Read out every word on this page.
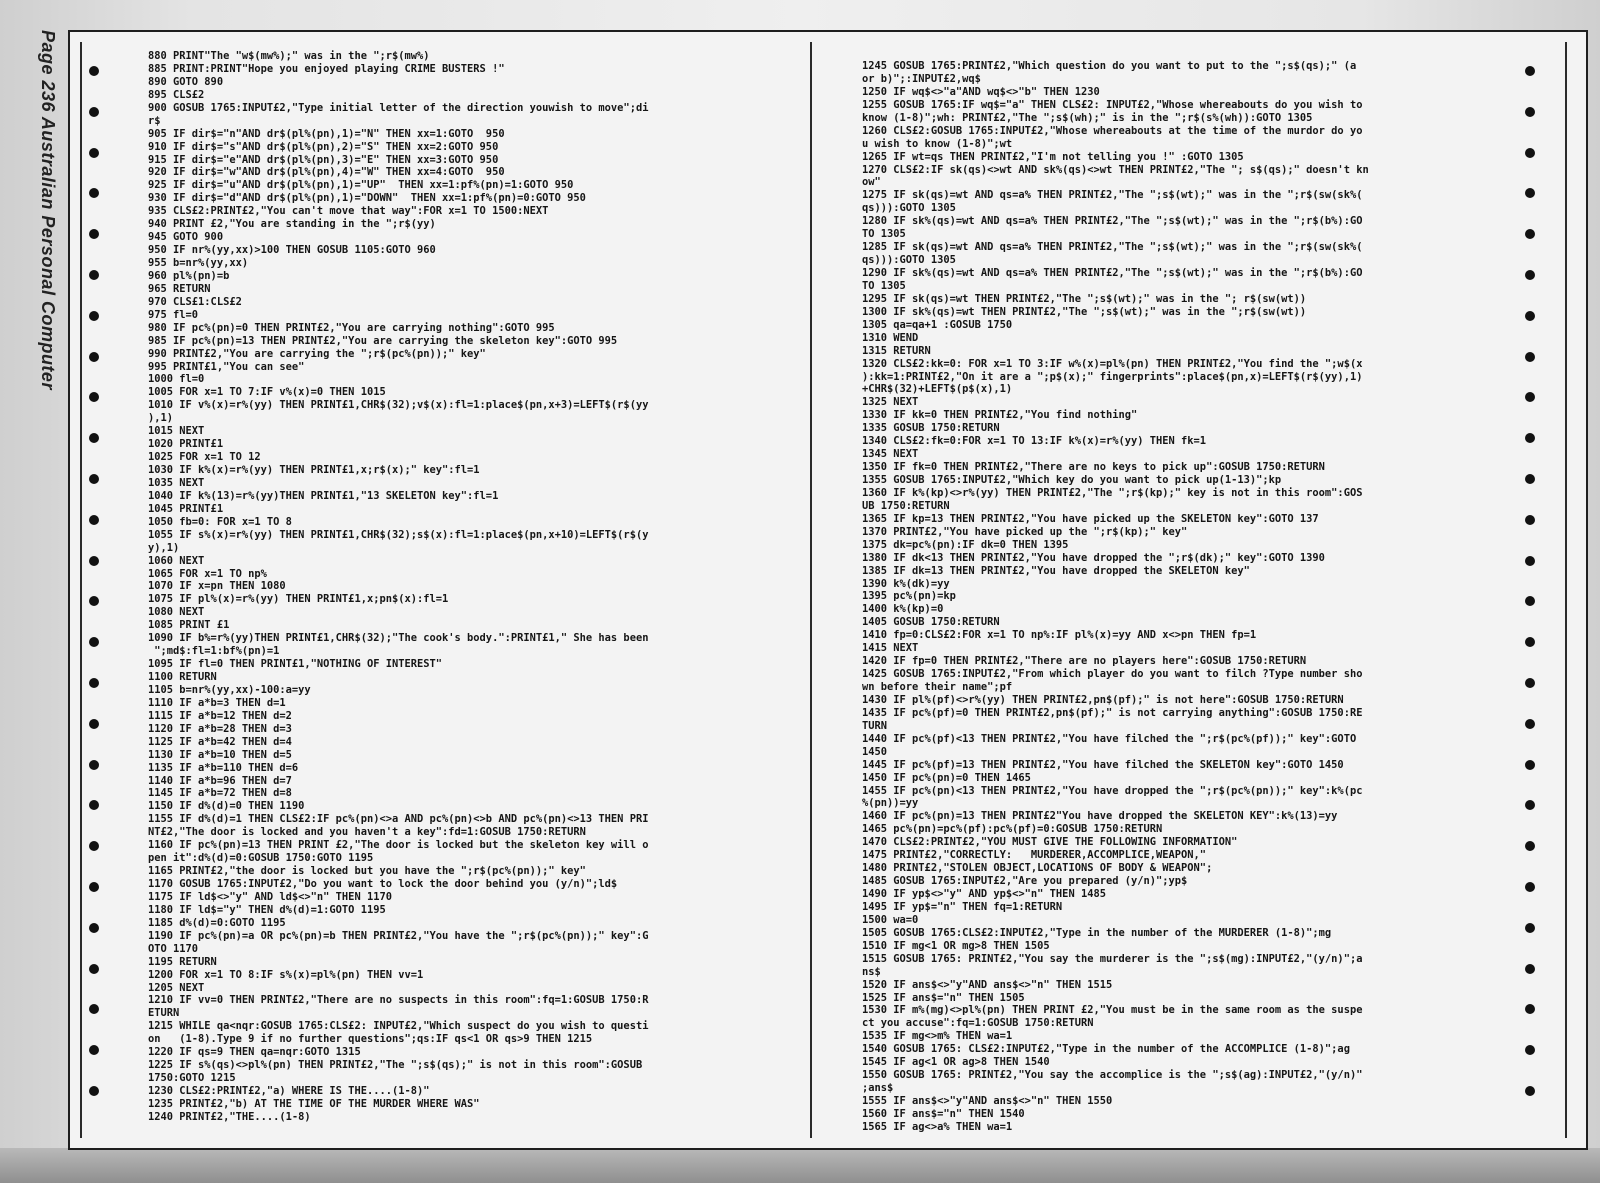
Page 236 Australian Personal Computer	880 PRINT"The "w$(mw%);" was in the ";r$(mw%)
885 PRINT:PRINT"Hope you enjoyed playing CRIME BUSTERS !"
890 GOTO 890
895 CLS£2
900 GOSUB 1765:INPUT£2,"Type initial letter of the direction youwish to move";di
r$
905 IF dir$="n"AND dr$(pl%(pn),1)="N" THEN xx=1:GOTO  950
910 IF dir$="s"AND dr$(pl%(pn),2)="S" THEN xx=2:GOTO 950
915 IF dir$="e"AND dr$(pl%(pn),3)="E" THEN xx=3:GOTO 950
920 IF dir$="w"AND dr$(pl%(pn),4)="W" THEN xx=4:GOTO  950
925 IF dir$="u"AND dr$(pl%(pn),1)="UP"  THEN xx=1:pf%(pn)=1:GOTO 950
930 IF dir$="d"AND dr$(pl%(pn),1)="DOWN"  THEN xx=1:pf%(pn)=0:GOTO 950
935 CLS£2:PRINT£2,"You can't move that way":FOR x=1 TO 1500:NEXT
940 PRINT £2,"You are standing in the ";r$(yy)
945 GOTO 900
950 IF nr%(yy,xx)>100 THEN GOSUB 1105:GOTO 960
955 b=nr%(yy,xx)
960 pl%(pn)=b
965 RETURN
970 CLS£1:CLS£2
975 fl=0
980 IF pc%(pn)=0 THEN PRINT£2,"You are carrying nothing":GOTO 995
985 IF pc%(pn)=13 THEN PRINT£2,"You are carrying the skeleton key":GOTO 995
990 PRINT£2,"You are carrying the ";r$(pc%(pn));" key"
995 PRINT£1,"You can see"
1000 fl=0
1005 FOR x=1 TO 7:IF v%(x)=0 THEN 1015
1010 IF v%(x)=r%(yy) THEN PRINT£1,CHR$(32);v$(x):fl=1:place$(pn,x+3)=LEFT$(r$(yy
),1)
1015 NEXT
1020 PRINT£1
1025 FOR x=1 TO 12
1030 IF k%(x)=r%(yy) THEN PRINT£1,x;r$(x);" key":fl=1
1035 NEXT
1040 IF k%(13)=r%(yy)THEN PRINT£1,"13 SKELETON key":fl=1
1045 PRINT£1
1050 fb=0: FOR x=1 TO 8
1055 IF s%(x)=r%(yy) THEN PRINT£1,CHR$(32);s$(x):fl=1:place$(pn,x+10)=LEFT$(r$(y
y),1)
1060 NEXT
1065 FOR x=1 TO np%
1070 IF x=pn THEN 1080
1075 IF pl%(x)=r%(yy) THEN PRINT£1,x;pn$(x):fl=1
1080 NEXT
1085 PRINT £1
1090 IF b%=r%(yy)THEN PRINT£1,CHR$(32);"The cook's body.":PRINT£1," She has been
";md$:fl=1:bf%(pn)=1
1095 IF fl=0 THEN PRINT£1,"NOTHING OF INTEREST"
1100 RETURN
1105 b=nr%(yy,xx)-100:a=yy
1110 IF a*b=3 THEN d=1
1115 IF a*b=12 THEN d=2
1120 IF a*b=28 THEN d=3
1125 IF a*b=42 THEN d=4
1130 IF a*b=10 THEN d=5
1135 IF a*b=110 THEN d=6
1140 IF a*b=96 THEN d=7
1145 IF a*b=72 THEN d=8
1150 IF d%(d)=0 THEN 1190
1155 IF d%(d)=1 THEN CLS£2:IF pc%(pn)<>a AND pc%(pn)<>b AND pc%(pn)<>13 THEN PRI
NT£2,"The door is locked and you haven't a key":fd=1:GOSUB 1750:RETURN
1160 IF pc%(pn)=13 THEN PRINT £2,"The door is locked but the skeleton key will o
pen it":d%(d)=0:GOSUB 1750:GOTO 1195
1165 PRINT£2,"the door is locked but you have the ";r$(pc%(pn));" key"
1170 GOSUB 1765:INPUT£2,"Do you want to lock the door behind you (y/n)";ld$
1175 IF ld$<>"y" AND ld$<>"n" THEN 1170
1180 IF ld$="y" THEN d%(d)=1:GOTO 1195
1185 d%(d)=0:GOTO 1195
1190 IF pc%(pn)=a OR pc%(pn)=b THEN PRINT£2,"You have the ";r$(pc%(pn));" key":G
OTO 1170
1195 RETURN
1200 FOR x=1 TO 8:IF s%(x)=pl%(pn) THEN vv=1
1205 NEXT
1210 IF vv=0 THEN PRINT£2,"There are no suspects in this room":fq=1:GOSUB 1750:R
ETURN
1215 WHILE qa<nqr:GOSUB 1765:CLS£2: INPUT£2,"Which suspect do you wish to questi
on   (1-8).Type 9 if no further questions";qs:IF qs<1 OR qs>9 THEN 1215
1220 IF qs=9 THEN qa=nqr:GOTO 1315
1225 IF s%(qs)<>pl%(pn) THEN PRINT£2,"The ";s$(qs);" is not in this room":GOSUB
1750:GOTO 1215
1230 CLS£2:PRINT£2,"a) WHERE IS THE....(1-8)"
1235 PRINT£2,"b) AT THE TIME OF THE MURDER WHERE WAS"
1240 PRINT£2,"THE....(1-8)
1245 GOSUB 1765:PRINT£2,"Which question do you want to put to the ";s$(qs);" (a
or b)";:INPUT£2,wq$
1250 IF wq$<>"a"AND wq$<>"b" THEN 1230
1255 GOSUB 1765:IF wq$="a" THEN CLS£2: INPUT£2,"Whose whereabouts do you wish to
know (1-8)";wh: PRINT£2,"The ";s$(wh);" is in the ";r$(s%(wh)):GOTO 1305
1260 CLS£2:GOSUB 1765:INPUT£2,"Whose whereabouts at the time of the murdor do yo
u wish to know (1-8)";wt
1265 IF wt=qs THEN PRINT£2,"I'm not telling you !" :GOTO 1305
1270 CLS£2:IF sk(qs)<>wt AND sk%(qs)<>wt THEN PRINT£2,"The "; s$(qs);" doesn't kn
ow"
1275 IF sk(qs)=wt AND qs=a% THEN PRINT£2,"The ";s$(wt);" was in the ";r$(sw(sk%(
qs))):GOTO 1305
1280 IF sk%(qs)=wt AND qs=a% THEN PRINT£2,"The ";s$(wt);" was in the ";r$(b%):GO
TO 1305
1285 IF sk(qs)=wt AND qs=a% THEN PRINT£2,"The ";s$(wt);" was in the ";r$(sw(sk%(
qs))):GOTO 1305
1290 IF sk%(qs)=wt AND qs=a% THEN PRINT£2,"The ";s$(wt);" was in the ";r$(b%):GO
TO 1305
1295 IF sk(qs)=wt THEN PRINT£2,"The ";s$(wt);" was in the "; r$(sw(wt))
1300 IF sk%(qs)=wt THEN PRINT£2,"The ";s$(wt);" was in the ";r$(sw(wt))
1305 qa=qa+1 :GOSUB 1750
1310 WEND
1315 RETURN
1320 CLS£2:kk=0: FOR x=1 TO 3:IF w%(x)=pl%(pn) THEN PRINT£2,"You find the ";w$(x
):kk=1:PRINT£2,"On it are a ";p$(x);" fingerprints":place$(pn,x)=LEFT$(r$(yy),1)
+CHR$(32)+LEFT$(p$(x),1)
1325 NEXT
1330 IF kk=0 THEN PRINT£2,"You find nothing"
1335 GOSUB 1750:RETURN
1340 CLS£2:fk=0:FOR x=1 TO 13:IF k%(x)=r%(yy) THEN fk=1
1345 NEXT
1350 IF fk=0 THEN PRINT£2,"There are no keys to pick up":GOSUB 1750:RETURN
1355 GOSUB 1765:INPUT£2,"Which key do you want to pick up(1-13)";kp
1360 IF k%(kp)<>r%(yy) THEN PRINT£2,"The ";r$(kp);" key is not in this room":GOS
UB 1750:RETURN
1365 IF kp=13 THEN PRINT£2,"You have picked up the SKELETON key":GOTO 137
1370 PRINT£2,"You have picked up the ";r$(kp);" key"
1375 dk=pc%(pn):IF dk=0 THEN 1395
1380 IF dk<13 THEN PRINT£2,"You have dropped the ";r$(dk);" key":GOTO 1390
1385 IF dk=13 THEN PRINT£2,"You have dropped the SKELETON key"
1390 k%(dk)=yy
1395 pc%(pn)=kp
1400 k%(kp)=0
1405 GOSUB 1750:RETURN
1410 fp=0:CLS£2:FOR x=1 TO np%:IF pl%(x)=yy AND x<>pn THEN fp=1
1415 NEXT
1420 IF fp=0 THEN PRINT£2,"There are no players here":GOSUB 1750:RETURN
1425 GOSUB 1765:INPUT£2,"From which player do you want to filch ?Type number sho
wn before their name";pf
1430 IF pl%(pf)<>r%(yy) THEN PRINT£2,pn$(pf);" is not here":GOSUB 1750:RETURN
1435 IF pc%(pf)=0 THEN PRINT£2,pn$(pf);" is not carrying anything":GOSUB 1750:RE
TURN
1440 IF pc%(pf)<13 THEN PRINT£2,"You have filched the ";r$(pc%(pf));" key":GOTO
1450
1445 IF pc%(pf)=13 THEN PRINT£2,"You have filched the SKELETON key":GOTO 1450
1450 IF pc%(pn)=0 THEN 1465
1455 IF pc%(pn)<13 THEN PRINT£2,"You have dropped the ";r$(pc%(pn));" key":k%(pc
%(pn))=yy
1460 IF pc%(pn)=13 THEN PRINT£2"You have dropped the SKELETON KEY":k%(13)=yy
1465 pc%(pn)=pc%(pf):pc%(pf)=0:GOSUB 1750:RETURN
1470 CLS£2:PRINT£2,"YOU MUST GIVE THE FOLLOWING INFORMATION"
1475 PRINT£2,"CORRECTLY:   MURDERER,ACCOMPLICE,WEAPON,"
1480 PRINT£2,"STOLEN OBJECT,LOCATIONS OF BODY & WEAPON";
1485 GOSUB 1765:INPUT£2,"Are you prepared (y/n)";yp$
1490 IF yp$<>"y" AND yp$<>"n" THEN 1485
1495 IF yp$="n" THEN fq=1:RETURN
1500 wa=0
1505 GOSUB 1765:CLS£2:INPUT£2,"Type in the number of the MURDERER (1-8)";mg
1510 IF mg<1 OR mg>8 THEN 1505
1515 GOSUB 1765: PRINT£2,"You say the murderer is the ";s$(mg):INPUT£2,"(y/n)";a
ns$
1520 IF ans$<>"y"AND ans$<>"n" THEN 1515
1525 IF ans$="n" THEN 1505
1530 IF m%(mg)<>pl%(pn) THEN PRINT £2,"You must be in the same room as the suspe
ct you accuse":fq=1:GOSUB 1750:RETURN
1535 IF mg<>m% THEN wa=1
1540 GOSUB 1765: CLS£2:INPUT£2,"Type in the number of the ACCOMPLICE (1-8)";ag
1545 IF ag<1 OR ag>8 THEN 1540
1550 GOSUB 1765: PRINT£2,"You say the accomplice is the ";s$(ag):INPUT£2,"(y/n)"
;ans$
1555 IF ans$<>"y"AND ans$<>"n" THEN 1550
1560 IF ans$="n" THEN 1540
1565 IF ag<>a% THEN wa=1
